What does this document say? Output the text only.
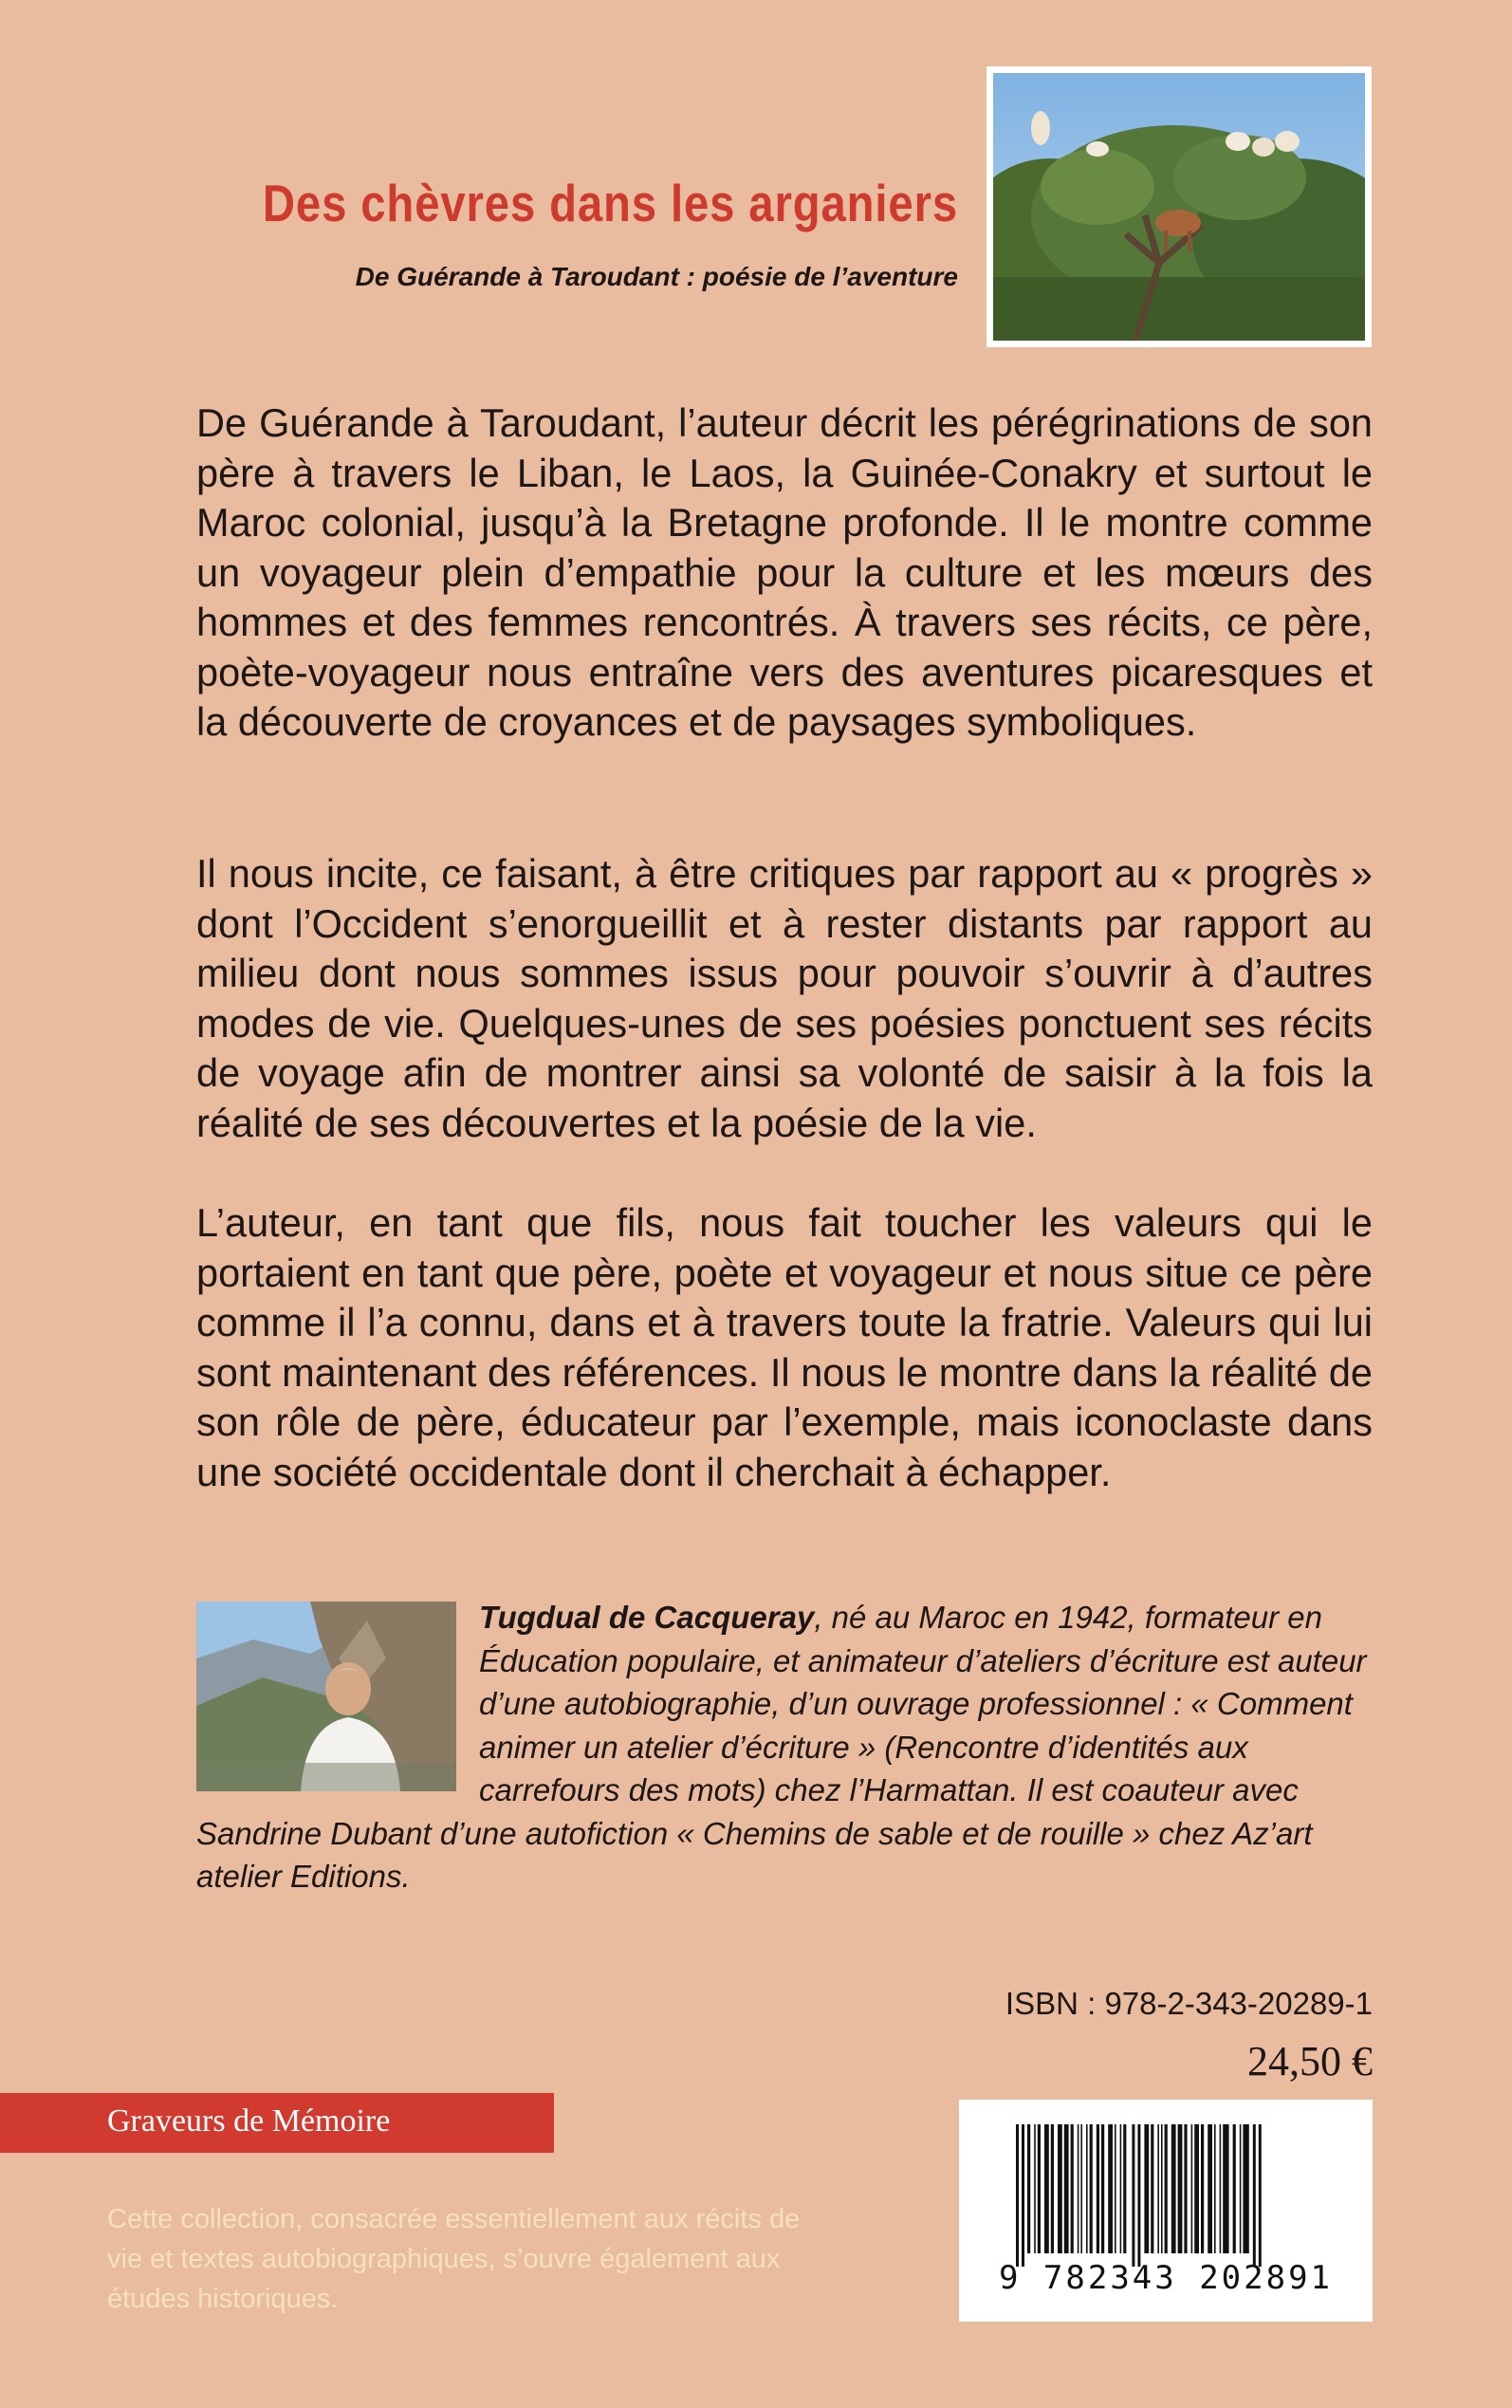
Des chèvres dans les arganiers

De Guérande à Taroudant : poésie de l’aventure

De Guérande à Taroudant, l’auteur décrit les pérégrinations de son père à travers le Liban, le Laos, la Guinée-Conakry et surtout le Maroc colonial, jusqu’à la Bretagne profonde. Il le montre comme un voyageur plein d’empathie pour la culture et les mœurs des hommes et des femmes rencontrés. À travers ses récits, ce père, poète-voyageur nous entraîne vers des aventures picaresques et la découverte de croyances et de paysages symboliques.

Il nous incite, ce faisant, à être critiques par rapport au « progrès » dont l’Occident s’enorgueillit et à rester distants par rapport au milieu dont nous sommes issus pour pouvoir s’ouvrir à d’autres modes de vie. Quelques-unes de ses poésies ponctuent ses récits de voyage afin de montrer ainsi sa volonté de saisir à la fois la réalité de ses découvertes et la poésie de la vie.

L’auteur, en tant que fils, nous fait toucher les valeurs qui le portaient en tant que père, poète et voyageur et nous situe ce père comme il l’a connu, dans et à travers toute la fratrie. Valeurs qui lui sont maintenant des références. Il nous le montre dans la réalité de son rôle de père, éducateur par l’exemple, mais iconoclaste dans une société occidentale dont il cherchait à échapper.

Tugdual de Cacqueray, né au Maroc en 1942, formateur en Éducation populaire, et animateur d’ateliers d’écriture est auteur d’une autobiographie, d’un ouvrage professionnel : « Comment animer un atelier d’écriture » (Rencontre d’identités aux carrefours des mots) chez l’Harmattan. Il est coauteur avec Sandrine Dubant d’une autofiction « Chemins de sable et de rouille » chez Az’art atelier Editions.

ISBN : 978-2-343-20289-1

24,50 €

Graveurs de Mémoire

Cette collection, consacrée essentiellement aux récits de vie et textes autobiographiques, s’ouvre également aux études historiques.

9 782343 202891
